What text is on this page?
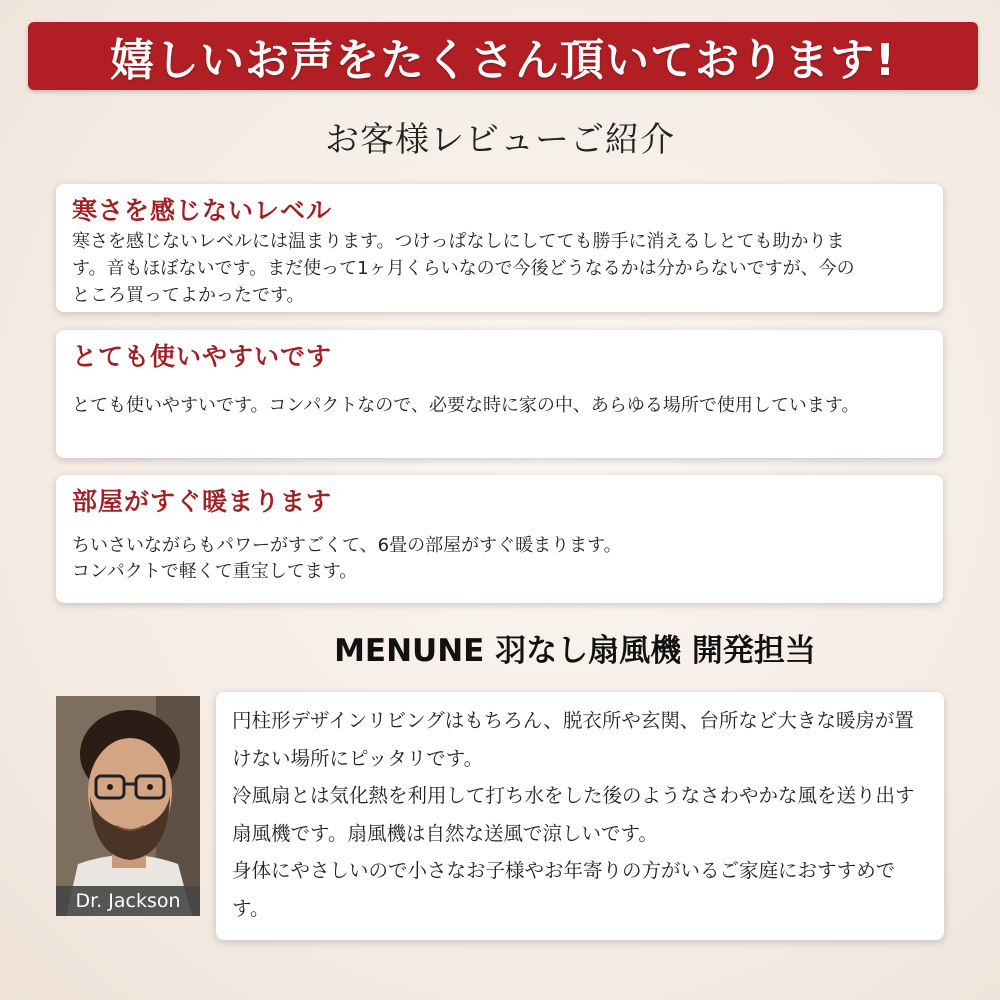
嬉しいお声をたくさん頂いております!
お客様レビューご紹介
寒さを感じないレベル
寒さを感じないレベルには温まります。つけっぱなしにしてても勝手に消えるしとても助かります。音もほぼないです。まだ使って1ヶ月くらいなので今後どうなるかは分からないですが、今のところ買ってよかったです。
とても使いやすいです
とても使いやすいです。コンパクトなので、必要な時に家の中、あらゆる場所で使用しています。
部屋がすぐ暖まります
ちいさいながらもパワーがすごくて、6畳の部屋がすぐ暖まります。
コンパクトで軽くて重宝してます。
MENUNE 羽なし扇風機 開発担当
Dr. Jackson

円柱形デザインリビングはもちろん、脱衣所や玄関、台所など大きな暖房が置けない場所にピッタリです。

冷風扇とは気化熱を利用して打ち水をした後のようなさわやかな風を送り出す扇風機です。扇風機は自然な送風で涼しいです。

身体にやさしいので小さなお子様やお年寄りの方がいるご家庭におすすめです。
